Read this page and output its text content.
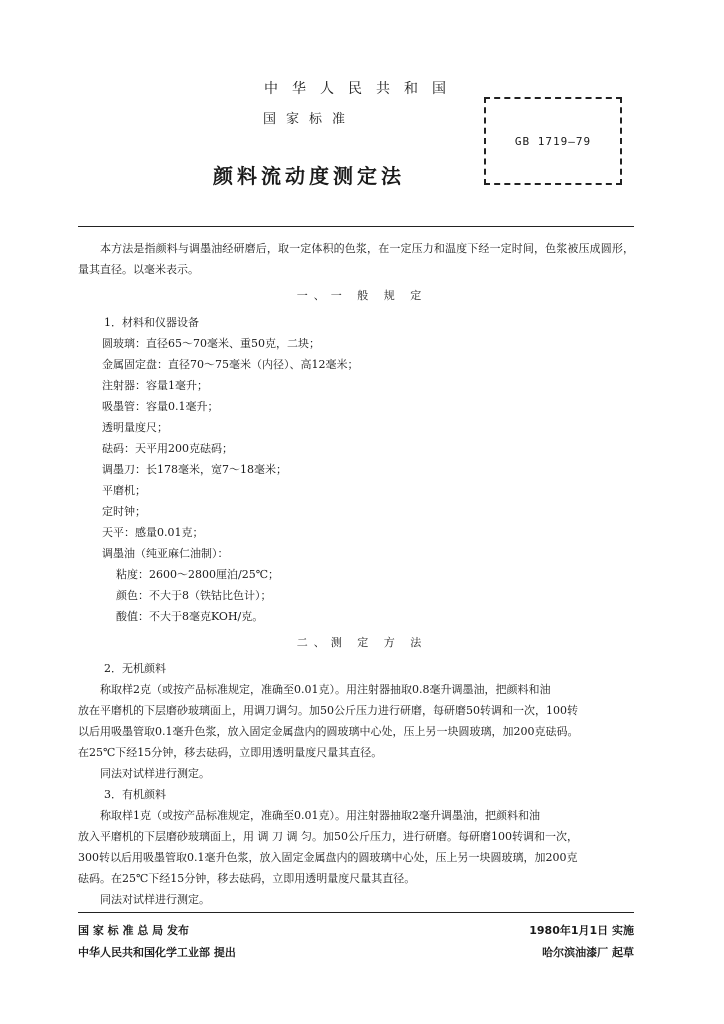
中华人民共和国
国家标准
颜料流动度测定法
GB 1719—79
本方法是指颜料与调墨油经研磨后，取一定体积的色浆，在一定压力和温度下经一定时间，色浆被压成圆形，量其直径。以毫米表示。
一、一 般 规 定
1．材料和仪器设备
圆玻璃：直径65～70毫米、重50克，二块；
金属固定盘：直径70～75毫米（内径）、高12毫米；
注射器：容量1毫升；
吸墨管：容量0.1毫升；
透明量度尺；
砝码：天平用200克砝码；
调墨刀：长178毫米，宽7～18毫米；
平磨机；
定时钟；
天平：感量0.01克；
调墨油（纯亚麻仁油制）：
粘度：2600～2800厘泊/25℃；
颜色：不大于8（铁钴比色计）；
酸值：不大于8毫克KOH/克。
二、测 定 方 法
2．无机颜料
称取样2克（或按产品标准规定，准确至0.01克）。用注射器抽取0.8毫升调墨油，把颜料和油
放在平磨机的下层磨砂玻璃面上，用调刀调匀。加50公斤压力进行研磨，每研磨50转调和一次，100转
以后用吸墨管取0.1毫升色浆，放入固定金属盘内的圆玻璃中心处，压上另一块圆玻璃，加200克砝码。
在25℃下经15分钟，移去砝码，立即用透明量度尺量其直径。
同法对试样进行测定。
3．有机颜料
称取样1克（或按产品标准规定，准确至0.01克）。用注射器抽取2毫升调墨油，把颜料和油
放入平磨机的下层磨砂玻璃面上，用 调 刀 调 匀。加50公斤压力，进行研磨。每研磨100转调和一次，
300转以后用吸墨管取0.1毫升色浆，放入固定金属盘内的圆玻璃中心处，压上另一块圆玻璃，加200克
砝码。在25℃下经15分钟，移去砝码，立即用透明量度尺量其直径。
同法对试样进行测定。
国 家 标 准 总 局 发布
中华人民共和国化学工业部 提出
1980年1月1日 实施
哈尔滨油漆厂 起草
